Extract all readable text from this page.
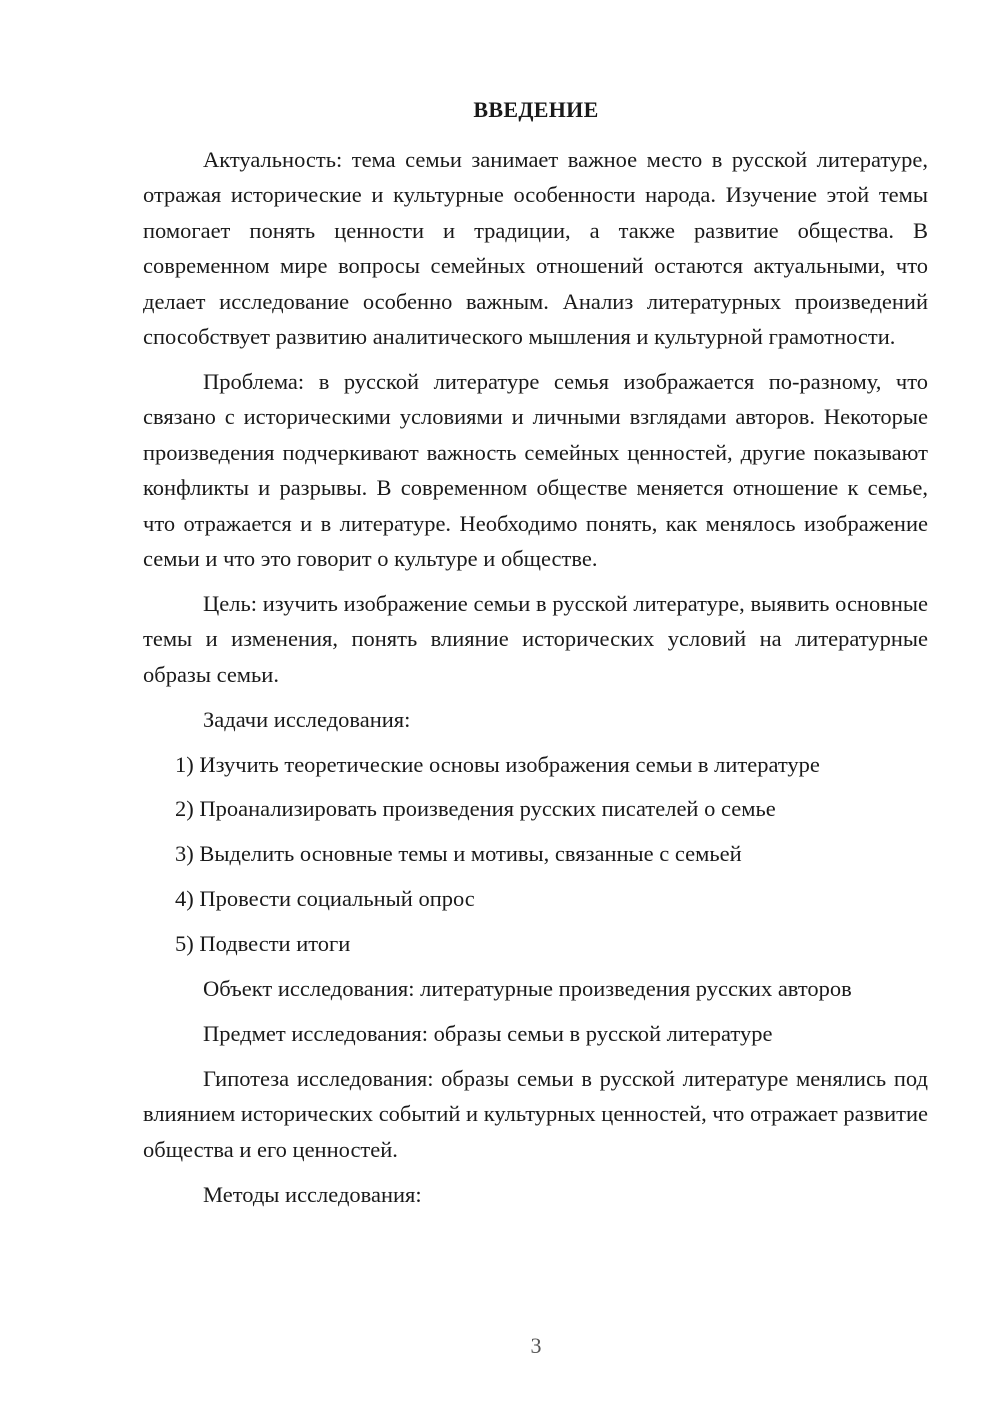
ВВЕДЕНИЕ

Актуальность: тема семьи занимает важное место в русской литературе, отражая исторические и культурные особенности народа. Изучение этой темы помогает понять ценности и традиции, а также развитие общества. В современном мире вопросы семейных отношений остаются актуальными, что делает исследование особенно важным. Анализ литературных произведений способствует развитию аналитического мышления и культурной грамотности.

Проблема: в русской литературе семья изображается по-разному, что связано с историческими условиями и личными взглядами авторов. Некоторые произведения подчеркивают важность семейных ценностей, другие показывают конфликты и разрывы. В современном обществе меняется отношение к семье, что отражается и в литературе. Необходимо понять, как менялось изображение семьи и что это говорит о культуре и обществе.

Цель: изучить изображение семьи в русской литературе, выявить основные темы и изменения, понять влияние исторических условий на литературные образы семьи.

Задачи исследования:

1) Изучить теоретические основы изображения семьи в литературе

2) Проанализировать произведения русских писателей о семье

3) Выделить основные темы и мотивы, связанные с семьей

4) Провести социальный опрос

5) Подвести итоги

Объект исследования: литературные произведения русских авторов

Предмет исследования: образы семьи в русской литературе

Гипотеза исследования: образы семьи в русской литературе менялись под влиянием исторических событий и культурных ценностей, что отражает развитие общества и его ценностей.

Методы исследования:

3
